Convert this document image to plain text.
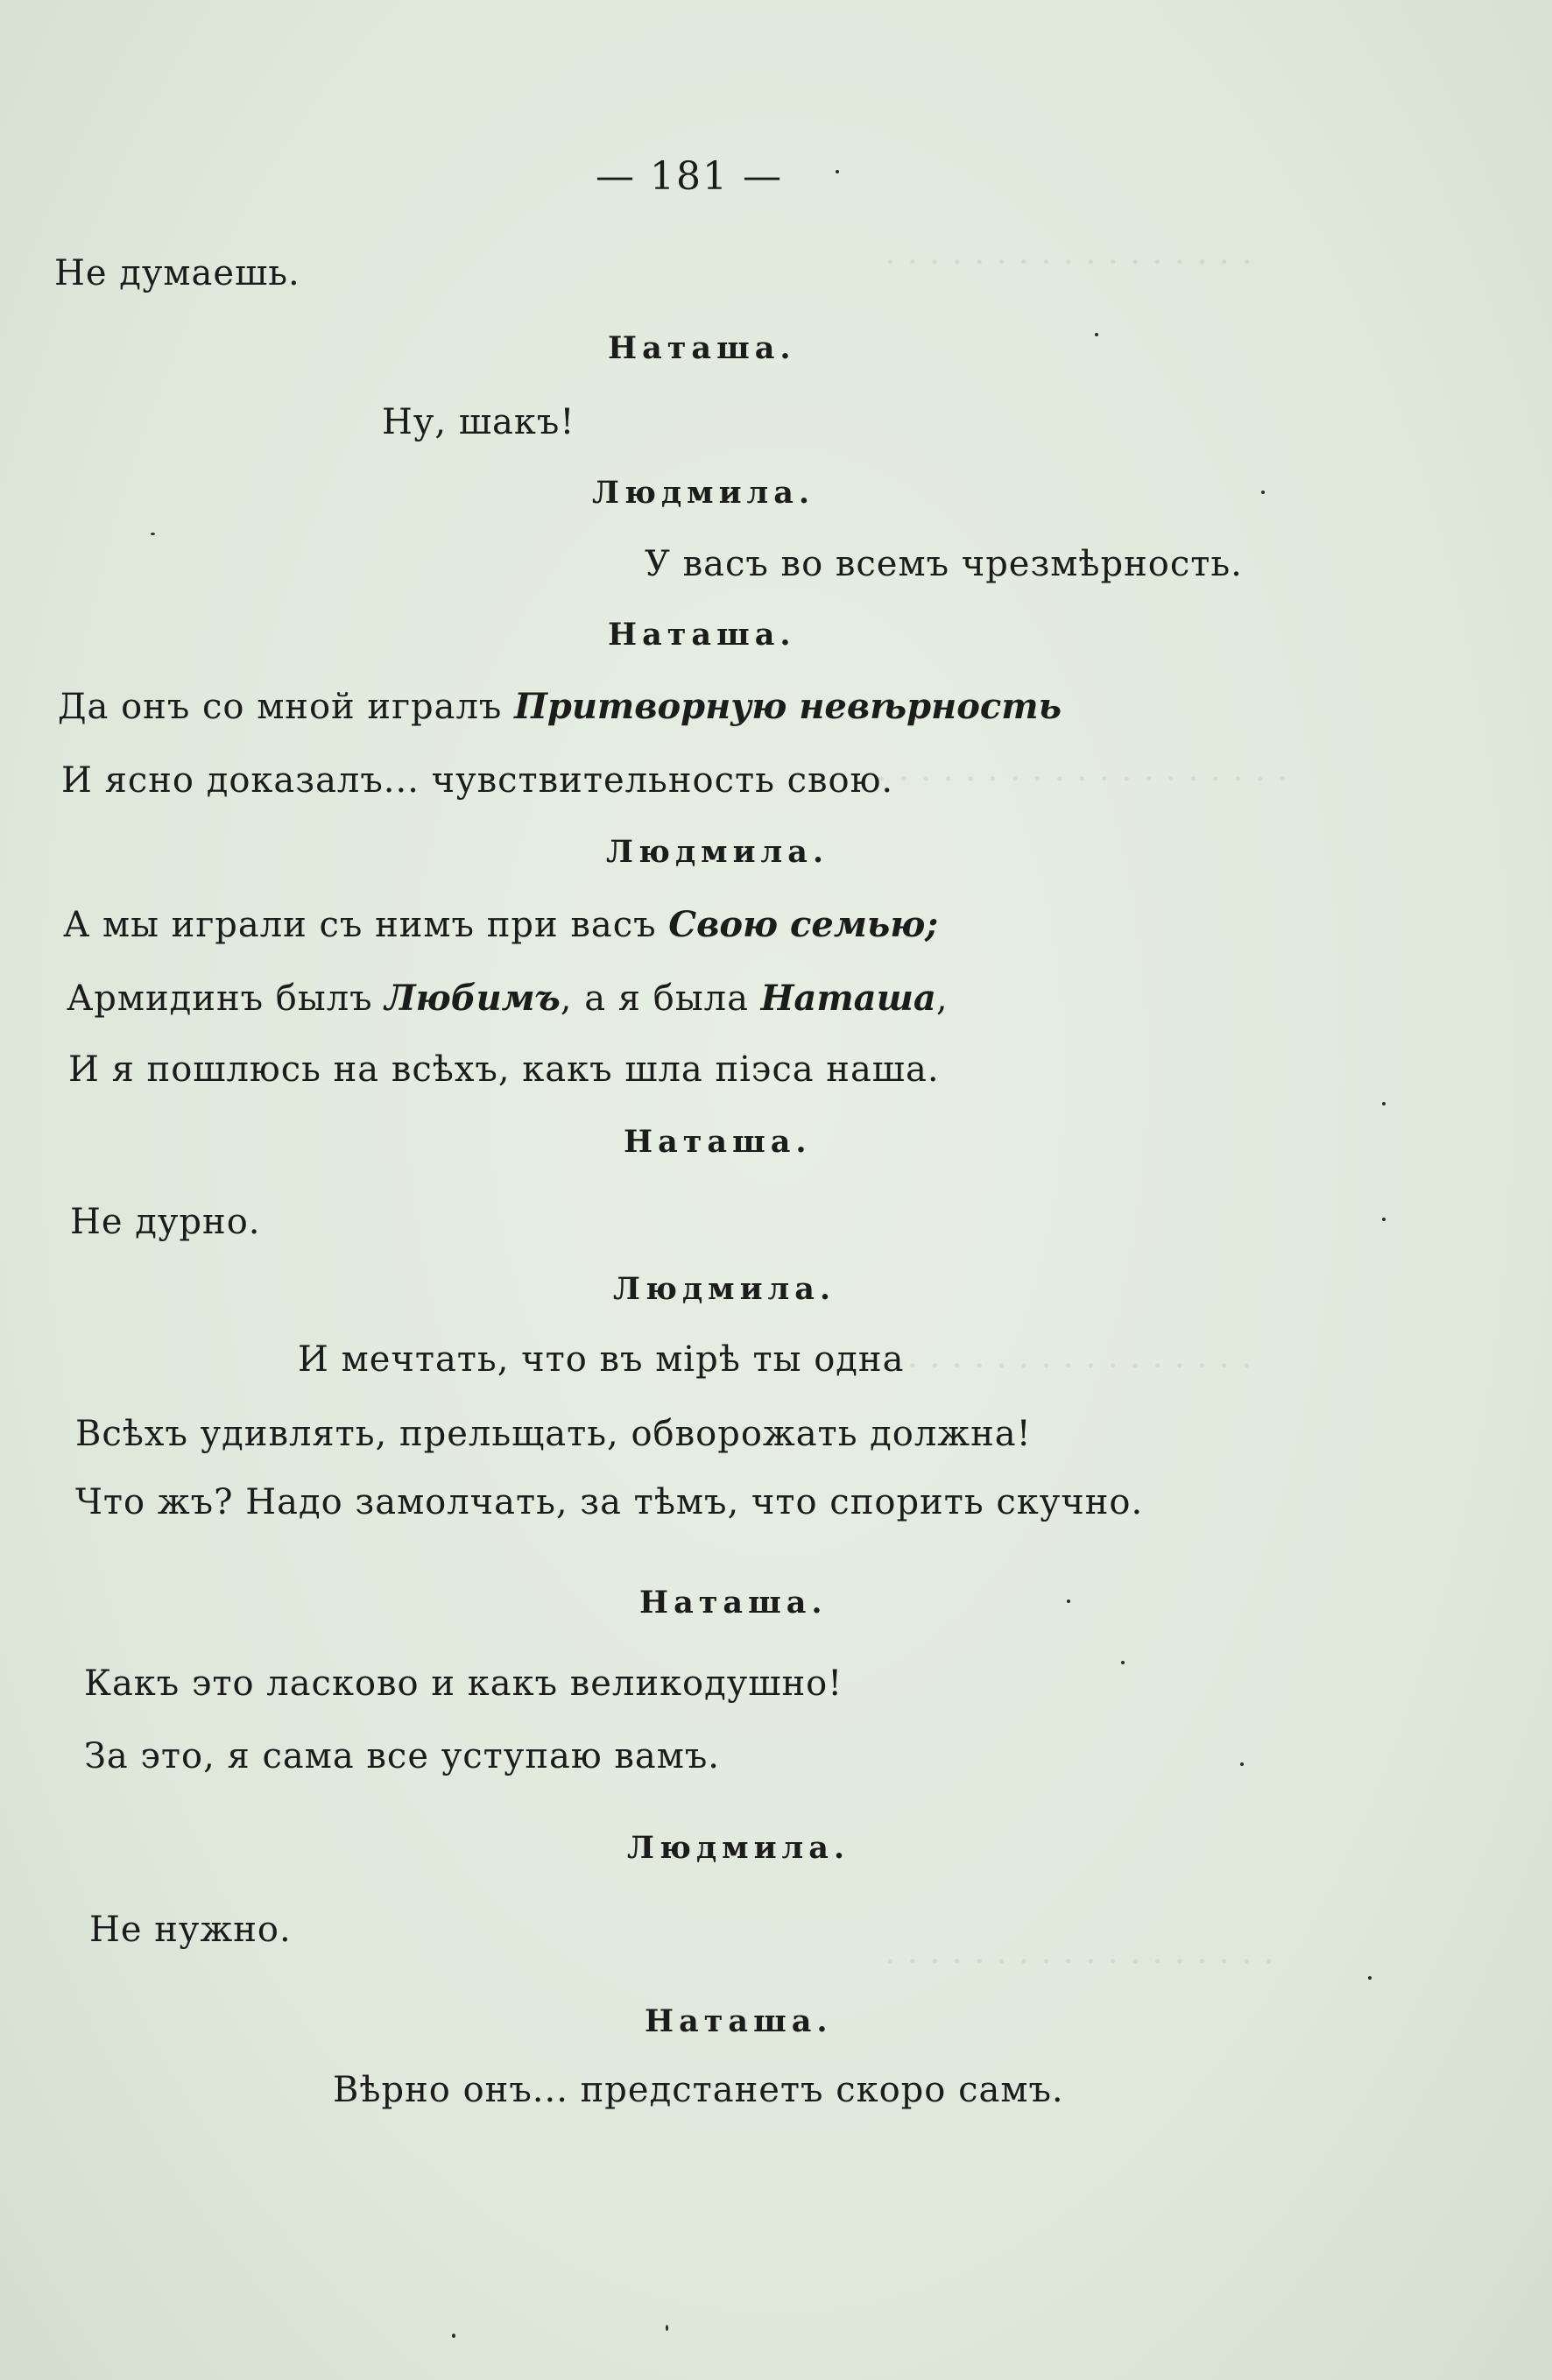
· · · · · · · · · · · · · · · · ·
· · · · · · · · · · · · · · · · · · ·
· · · · · · · · · · · · · · · · ·
· · · · · · · · · · · · · · · · · ·
— 181 —
Не думаешь.
Наташа.
Ну, шакъ!
Людмила.
У васъ во всемъ чрезмѣрность.
Наташа.
Да онъ со мной игралъ Притворную невѣрность
И ясно доказалъ... чувствительность свою.
Людмила.
А мы играли съ нимъ при васъ Свою семью;
Армидинъ былъ Любимъ, а я была Наташа,
И я пошлюсь на всѣхъ, какъ шла піэса наша.
Наташа.
Не дурно.
Людмила.
И мечтать, что въ мірѣ ты одна
Всѣхъ удивлять, прельщать, обворожать должна!
Что жъ? Надо замолчать, за тѣмъ, что спорить скучно.
Наташа.
Какъ это ласково и какъ великодушно!
За это, я сама все уступаю вамъ.
Людмила.
Не нужно.
Наташа.
Вѣрно онъ... предстанетъ скоро самъ.
